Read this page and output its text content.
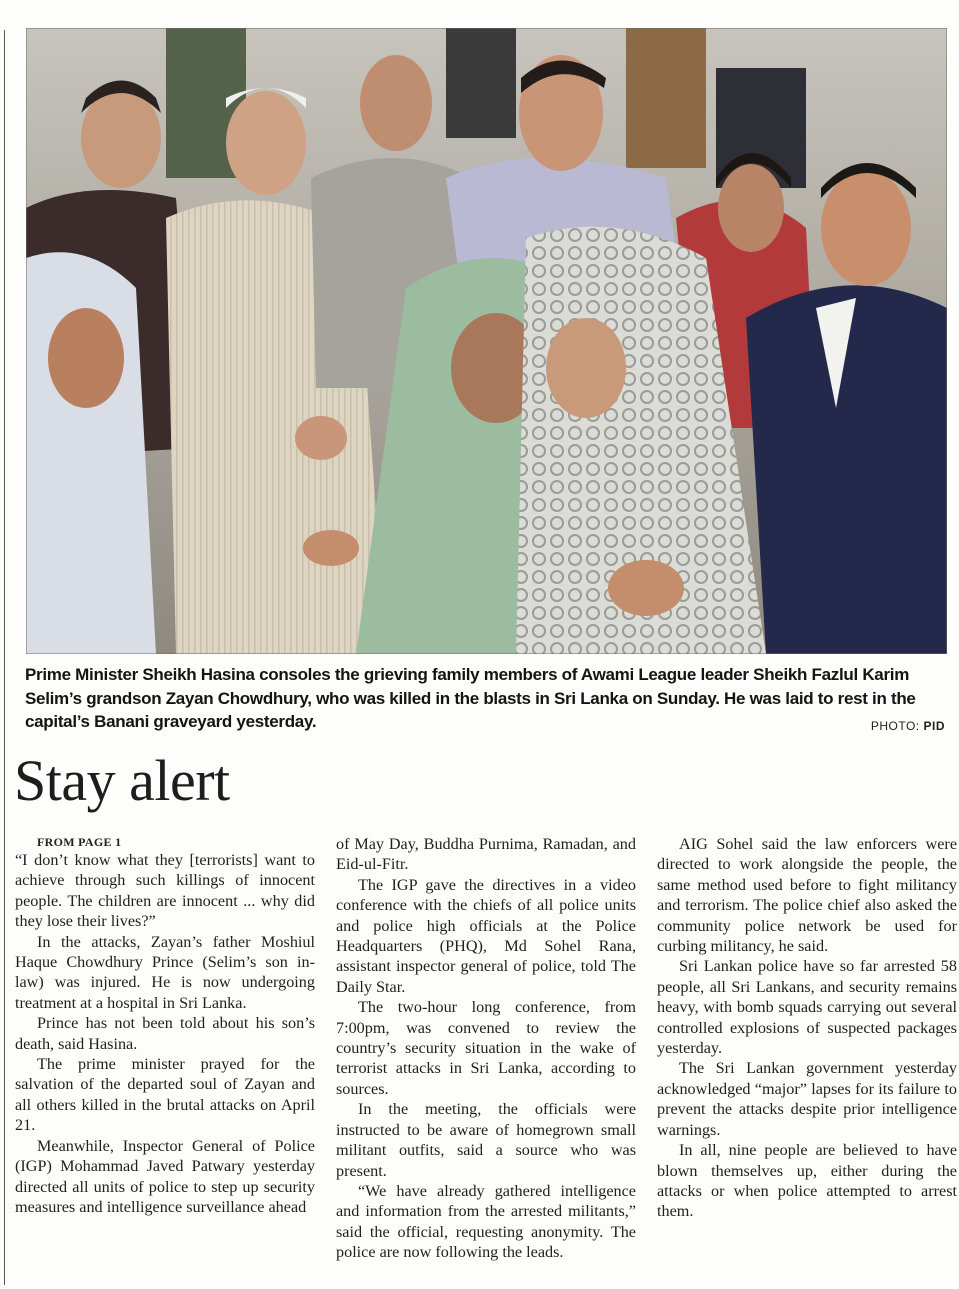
Prime Minister Sheikh Hasina consoles the grieving family members of Awami League leader Sheikh Fazlul Karim Selim’s grandson Zayan Chowdhury, who was killed in the blasts in Sri Lanka on Sunday. He was laid to rest in the capital’s Banani graveyard yesterday.	PHOTO: PID
Stay alert

FROM PAGE 1

“I don’t know what they [terrorists] want to achieve through such killings of innocent people. The children are innocent ... why did they lose their lives?”

In the attacks, Zayan’s father Moshiul Haque Chowdhury Prince (Selim’s son in-law) was injured. He is now undergoing treatment at a hospital in Sri Lanka.

Prince has not been told about his son’s death, said Hasina.

The prime minister prayed for the salvation of the departed soul of Zayan and all others killed in the brutal attacks on April 21.

Meanwhile, Inspector General of Police (IGP) Mohammad Javed Patwary yesterday directed all units of police to step up security measures and intelligence surveillance ahead

of May Day, Buddha Purnima, Ramadan, and Eid-ul-Fitr.

The IGP gave the directives in a video conference with the chiefs of all police units and police high officials at the Police Headquarters (PHQ), Md Sohel Rana, assistant inspector general of police, told The Daily Star.

The two-hour long conference, from 7:00pm, was convened to review the country’s security situation in the wake of terrorist attacks in Sri Lanka, according to sources.

In the meeting, the officials were instructed to be aware of homegrown small militant outfits, said a source who was present.

“We have already gathered intelligence and information from the arrested militants,” said the official, requesting anonymity. The police are now following the leads.

AIG Sohel said the law enforcers were directed to work alongside the people, the same method used before to fight militancy and terrorism. The police chief also asked the community police network be used for curbing militancy, he said.

Sri Lankan police have so far arrested 58 people, all Sri Lankans, and security remains heavy, with bomb squads carrying out several controlled explosions of suspected packages yesterday.

The Sri Lankan government yesterday acknowledged “major” lapses for its failure to prevent the attacks despite prior intelligence warnings.

In all, nine people are believed to have blown themselves up, either during the attacks or when police attempted to arrest them.
